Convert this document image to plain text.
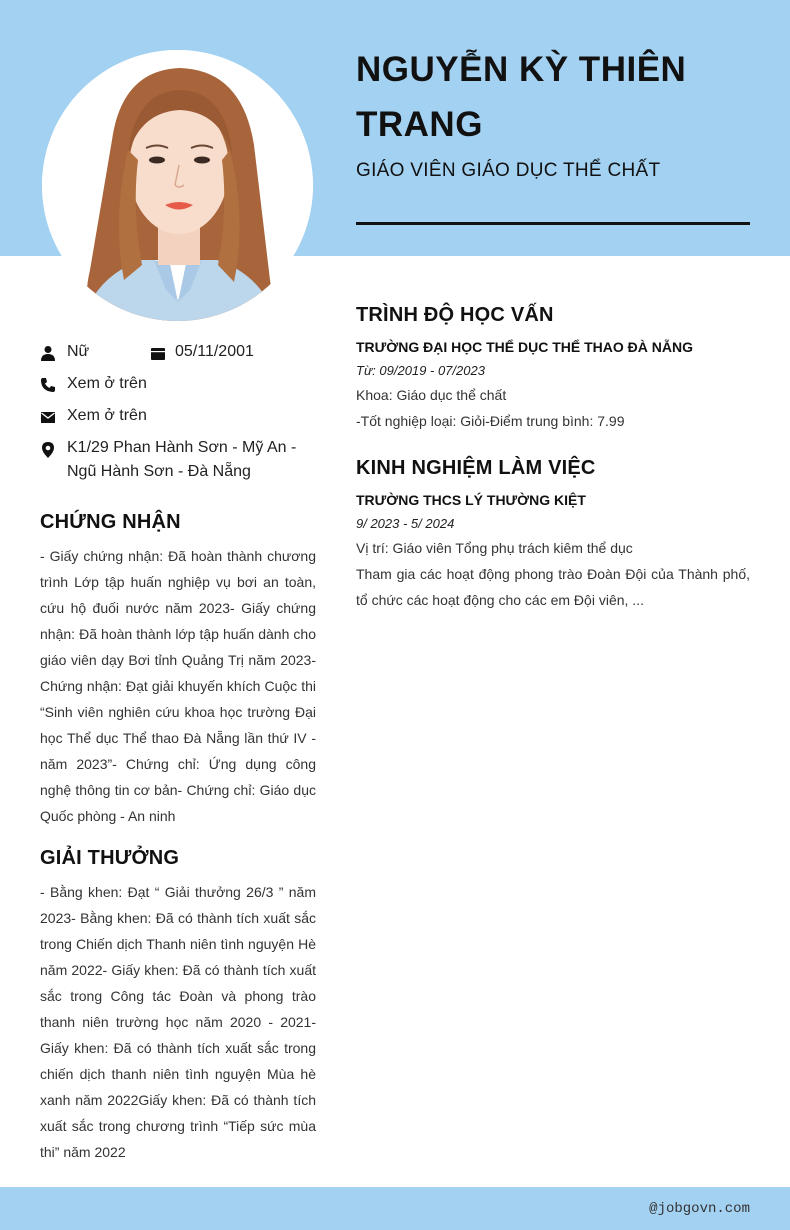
NGUYỄN KỲ THIÊN TRANG
GIÁO VIÊN GIÁO DỤC THỂ CHẤT
Nữ	05/11/2001
Xem ở trên
Xem ở trên
K1/29 Phan Hành Sơn - Mỹ An - Ngũ Hành Sơn - Đà Nẵng
CHỨNG NHẬN
- Giấy chứng nhận: Đã hoàn thành chương trình Lớp tập huấn nghiệp vụ bơi an toàn, cứu hộ đuối nước năm 2023- Giấy chứng nhận: Đã hoàn thành lớp tập huấn dành cho giáo viên dạy Bơi tỉnh Quảng Trị năm 2023- Chứng nhận: Đạt giải khuyến khích Cuộc thi “Sinh viên nghiên cứu khoa học trường Đại học Thể dục Thể thao Đà Nẵng lần thứ IV - năm 2023”- Chứng chỉ: Ứng dụng công nghệ thông tin cơ bản- Chứng chỉ: Giáo dục Quốc phòng - An ninh
GIẢI THƯỞNG
- Bằng khen: Đạt “ Giải thưởng 26/3 ” năm 2023- Bằng khen: Đã có thành tích xuất sắc trong Chiến dịch Thanh niên tình nguyện Hè năm 2022- Giấy khen: Đã có thành tích xuất sắc trong Công tác Đoàn và phong trào thanh niên trường học năm 2020 - 2021- Giấy khen: Đã có thành tích xuất sắc trong chiến dịch thanh niên tình nguyện Mùa hè xanh năm 2022Giấy khen: Đã có thành tích xuất sắc trong chương trình “Tiếp sức mùa thi” năm 2022
TRÌNH ĐỘ HỌC VẤN
TRƯỜNG ĐẠI HỌC THỂ DỤC THỂ THAO ĐÀ NẴNG
Từ: 09/2019 - 07/2023
Khoa: Giáo dục thể chất
-Tốt nghiệp loại: Giỏi-Điểm trung bình: 7.99
KINH NGHIỆM LÀM VIỆC
TRƯỜNG THCS LÝ THƯỜNG KIỆT
9/ 2023 - 5/ 2024
Vị trí: Giáo viên Tổng phụ trách kiêm thể dục
Tham gia các hoạt động phong trào Đoàn Đội của Thành phố, tổ chức các hoạt động cho các em Đội viên, ...
@jobgovn.com
